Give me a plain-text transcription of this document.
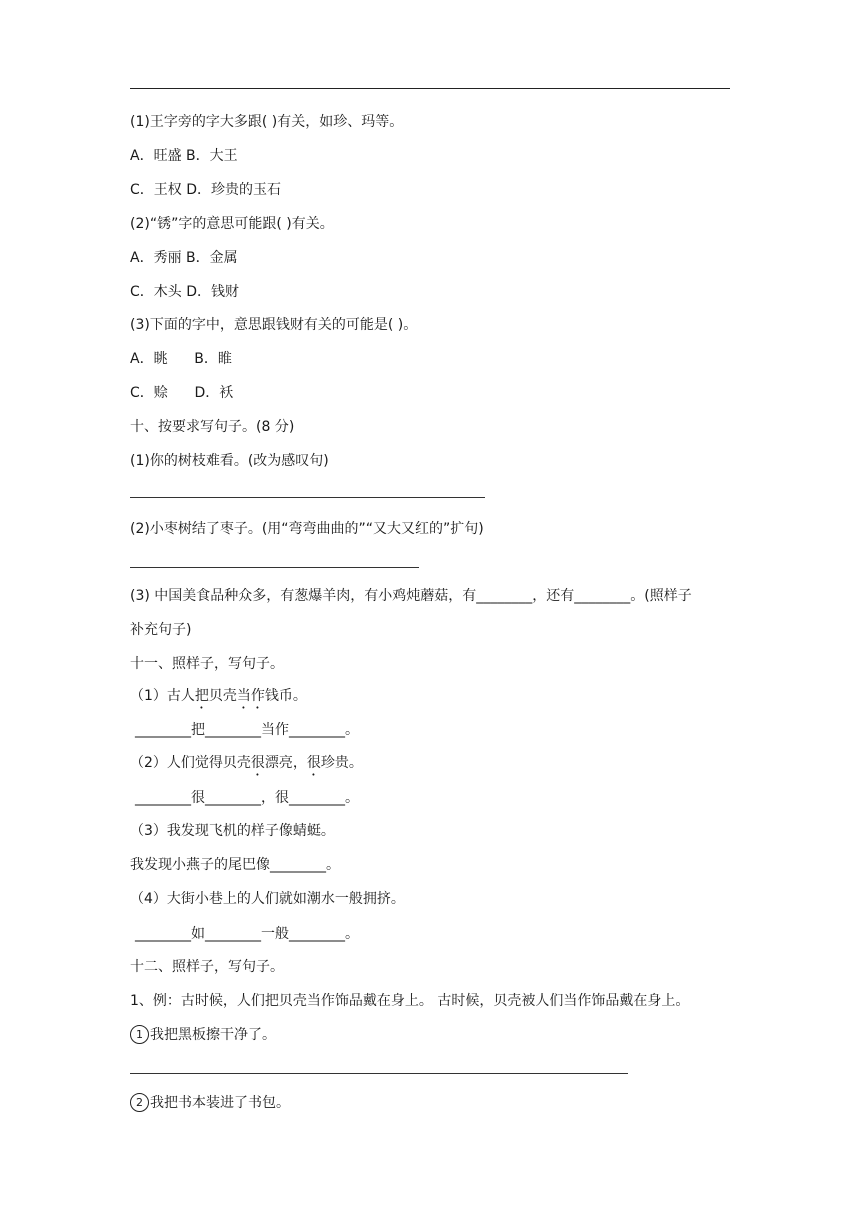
(1)王字旁的字大多跟( )有关，如珍、玛等。
A．旺盛 B．大王
C．王权 D．珍贵的玉石
(2)“锈”字的意思可能跟( )有关。
A．秀丽 B．金属
C．木头 D．钱财
(3)下面的字中，意思跟钱财有关的可能是( )。
A．眺      B．睢
C．赊      D．袄
十、按要求写句子。(8 分)
(1)你的树枝难看。(改为感叹句)
(2)小枣树结了枣子。(用“弯弯曲曲的”“又大又红的”扩句)
(3) 中国美食品种众多，有葱爆羊肉，有小鸡炖蘑菇，有________，还有________。(照样子
补充句子)
十一、照样子，写句子。
（1）古人把贝壳当作钱币。
________把________当作________。
（2）人们觉得贝壳很漂亮，很珍贵。
________很________，很________。
（3）我发现飞机的样子像蜻蜓。
我发现小燕子的尾巴像________。
（4）大街小巷上的人们就如潮水一般拥挤。
________如________一般________。
十二、照样子，写句子。
1、例：古时候，人们把贝壳当作饰品戴在身上。 古时候，贝壳被人们当作饰品戴在身上。
1 我把黑板擦干净了。
2 我把书本装进了书包。
